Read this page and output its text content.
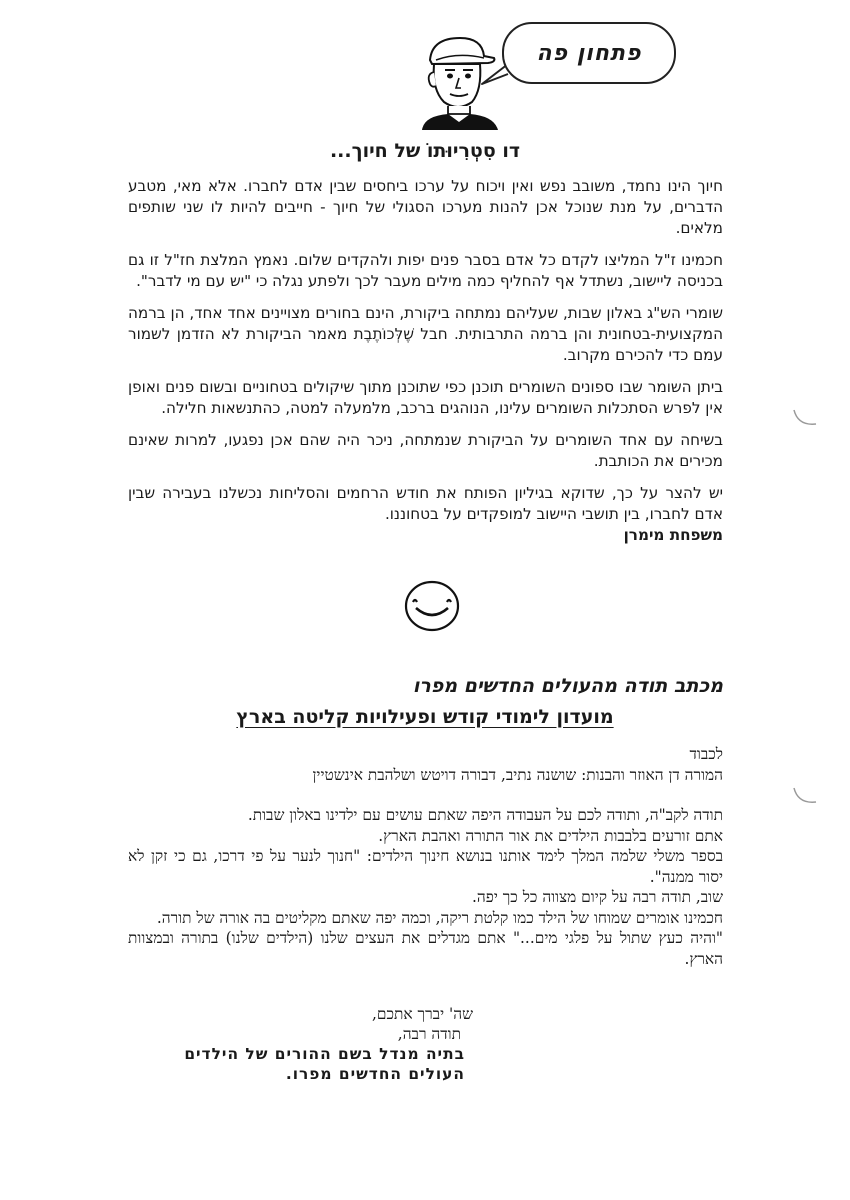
פתחון פה
דו סִטְרִיוּתוֹ של חיוך...

חיוך הינו נחמד, משובב נפש ואין ויכוח על ערכו ביחסים שבין אדם לחברו. אלא מאי, מטבע הדברים, על מנת שנוכל אכן להנות מערכו הסגולי של חיוך - חייבים להיות לו שני שותפים מלאים.

חכמינו ז"ל המליצו לקדם כל אדם בסבר פנים יפות ולהקדים שלום. נאמץ המלצת חז"ל זו גם בכניסה ליישוב, נשתדל אף להחליף כמה מילים מעבר לכך ולפתע נגלה כי "יש עם מי לדבר".

שומרי הש"ג באלון שבות, שעליהם נמתחה ביקורת, הינם בחורים מצויינים אחד אחד, הן ברמה המקצועית-בטחונית והן ברמה התרבותית. חבל שֶׁלְּכוֹתֶבֶת מאמר הביקורת לא הזדמן לשמור עמם כדי להכירם מקרוב.

ביתן השומר שבו ספונים השומרים תוכנן כפי שתוכנן מתוך שיקולים בטחוניים ובשום פנים ואופן אין לפרש הסתכלות השומרים עלינו, הנוהגים ברכב, מלמעלה למטה, כהתנשאות חלילה.

בשיחה עם אחד השומרים על הביקורת שנמתחה, ניכר היה שהם אכן נפגעו, למרות שאינם מכירים את הכותבת.

יש להצר על כך, שדוקא בגיליון הפותח את חודש הרחמים והסליחות נכשלנו בעבירה שבין אדם לחברו, בין תושבי היישוב למופקדים על בטחוננו.

משפחת מימרן
מכתב תודה מהעולים החדשים מפרו
מועדון לימודי קודש ופעילויות קליטה בארץ
לכבוד
המורה דן האוזר והבנות: שושנה נתיב, דבורה דויטש ושלהבת אינשטיין
תודה לקב"ה, ותודה לכם על העבודה היפה שאתם עושים עם ילדינו באלון שבות.
אתם זורעים בלבבות הילדים את אור התורה ואהבת הארץ.
בספר משלי שלמה המלך לימד אותנו בנושא חינוך הילדים: "חנוך לנער על פי דרכו, גם כי זקן לא יסור ממנה".
שוב, תודה רבה על קיום מצווה כל כך יפה.
חכמינו אומרים שמוחו של הילד כמו קלטת ריקה, וכמה יפה שאתם מקליטים בה אורה של תורה.
"והיה כעץ שתול על פלגי מים..." אתם מגדלים את העצים שלנו (הילדים שלנו) בתורה ובמצוות הארץ.
שה' יברך אתכם,
תודה רבה,
בתיה מנדל בשם ההורים של הילדים
העולים החדשים מפרו.
